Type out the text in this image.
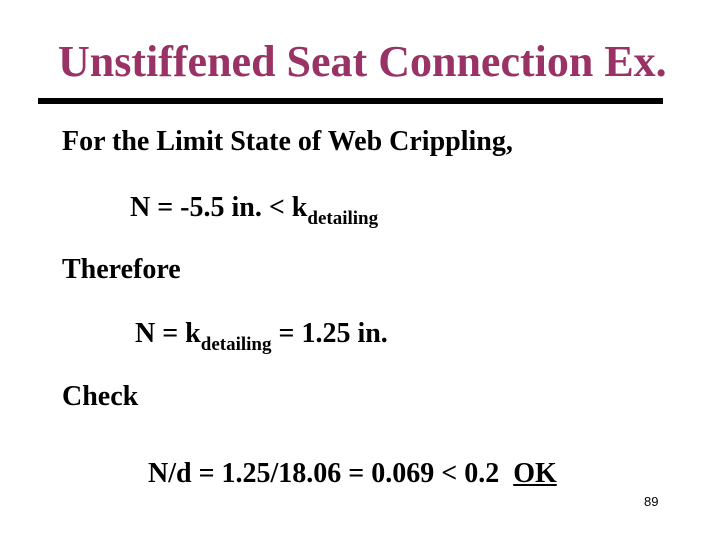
Unstiffened Seat Connection Ex.
For the Limit State of Web Crippling,
N = -5.5 in. < $k_{detailing}$
Therefore
$N = k_{detailing} = 1.25$ in.
Check

N/d = 1.25/18.06 = 0.069 < 0.2  OK

89
